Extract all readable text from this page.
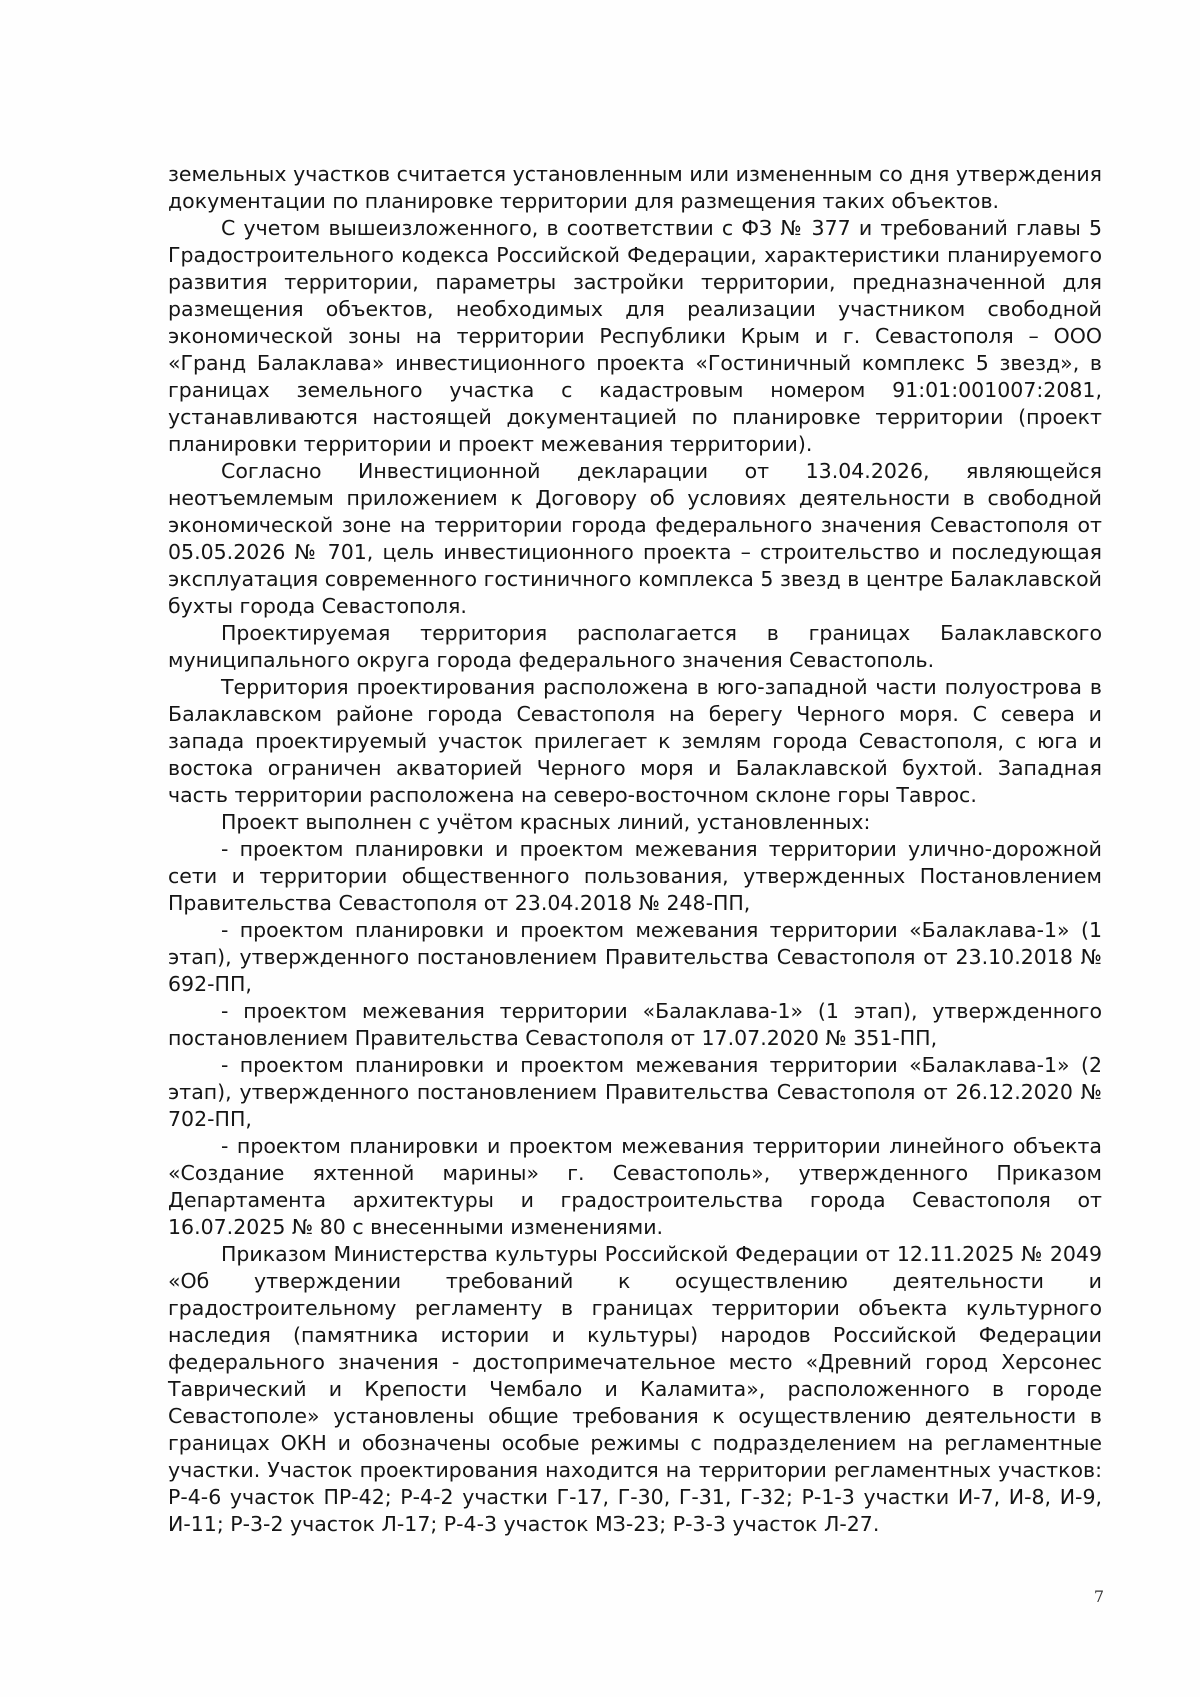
земельных участков считается установленным или измененным со дня утверждения документации по планировке территории для размещения таких объектов.

С учетом вышеизложенного, в соответствии с ФЗ № 377 и требований главы 5 Градостроительного кодекса Российской Федерации, характеристики планируемого развития территории, параметры застройки территории, предназначенной для размещения объектов, необходимых для реализации участником свободной экономической зоны на территории Республики Крым и г. Севастополя – ООО «Гранд Балаклава» инвестиционного проекта «Гостиничный комплекс 5 звезд», в границах земельного участка с кадастровым номером 91:01:001007:2081, устанавливаются настоящей документацией по планировке территории (проект планировки территории и проект межевания территории).

Согласно Инвестиционной декларации от 13.04.2026, являющейся неотъемлемым приложением к Договору об условиях деятельности в свободной экономической зоне на территории города федерального значения Севастополя от 05.05.2026 № 701, цель инвестиционного проекта – строительство и последующая эксплуатация современного гостиничного комплекса 5 звезд в центре Балаклавской бухты города Севастополя.

Проектируемая территория располагается в границах Балаклавского муниципального округа города федерального значения Севастополь.

Территория проектирования расположена в юго-западной части полуострова в Балаклавском районе города Севастополя на берегу Черного моря. С севера и запада проектируемый участок прилегает к землям города Севастополя, с юга и востока ограничен акваторией Черного моря и Балаклавской бухтой. Западная часть территории расположена на северо-восточном склоне горы Таврос.

Проект выполнен с учётом красных линий, установленных:

- проектом планировки и проектом межевания территории улично-дорожной сети и территории общественного пользования, утвержденных Постановлением Правительства Севастополя от 23.04.2018 № 248-ПП,

- проектом планировки и проектом межевания территории «Балаклава-1» (1 этап), утвержденного постановлением Правительства Севастополя от 23.10.2018 № 692-ПП,

- проектом межевания территории «Балаклава-1» (1 этап), утвержденного постановлением Правительства Севастополя от 17.07.2020 № 351-ПП,

- проектом планировки и проектом межевания территории «Балаклава-1» (2 этап), утвержденного постановлением Правительства Севастополя от 26.12.2020 № 702-ПП,

- проектом планировки и проектом межевания территории линейного объекта «Создание яхтенной марины» г. Севастополь», утвержденного Приказом Департамента архитектуры и градостроительства города Севастополя от 16.07.2025 № 80 с внесенными изменениями.

Приказом Министерства культуры Российской Федерации от 12.11.2025 № 2049 «Об утверждении требований к осуществлению деятельности и градостроительному регламенту в границах территории объекта культурного наследия (памятника истории и культуры) народов Российской Федерации федерального значения - достопримечательное место «Древний город Херсонес Таврический и Крепости Чембало и Каламита», расположенного в городе Севастополе» установлены общие требования к осуществлению деятельности в границах ОКН и обозначены особые режимы с подразделением на регламентные участки. Участок проектирования находится на территории регламентных участков: Р-4-6 участок ПР-42; Р-4-2 участки Г-17, Г-30, Г-31, Г-32; Р-1-3 участки И-7, И-8, И-9, И-11; Р-3-2 участок Л-17; Р-4-3 участок МЗ-23; Р-3-3 участок Л-27.

7
